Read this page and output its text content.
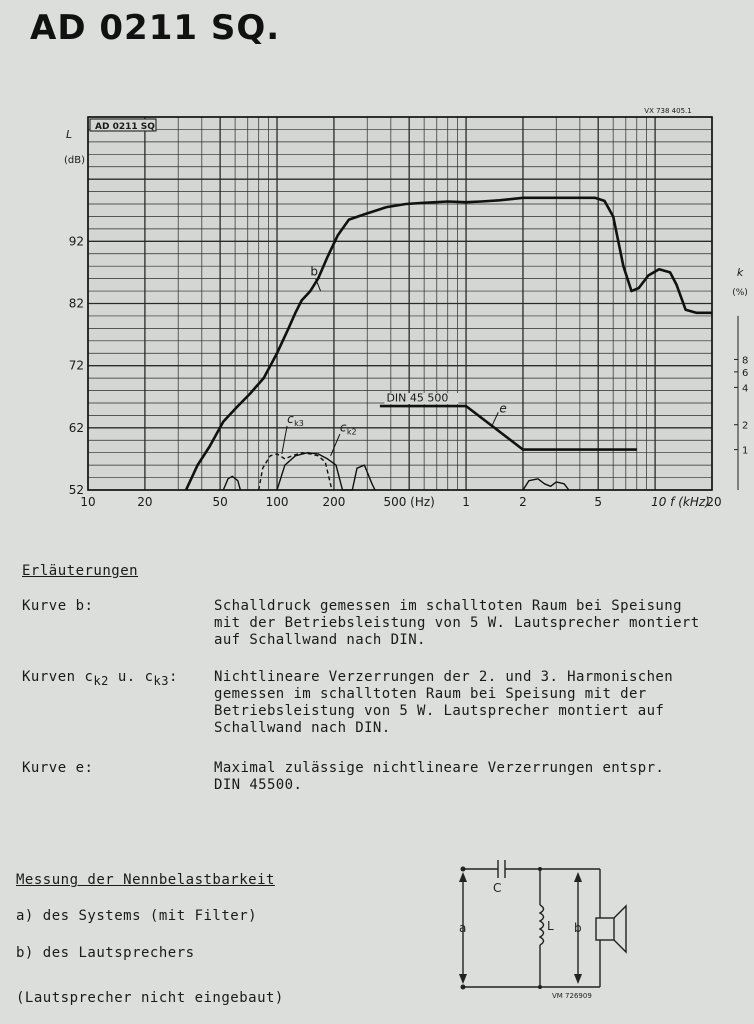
AD 0211 SQ.
AD 0211 SQ
VX 738 405.1
L
(dB)
52
62
72
82
92
10	20	50	100	200	500 (Hz) 1	2	5	10 f (kHz)
20
k
(%)
1
2
4
6
8
b
e
DIN 45 500
c k3	c k2
Erläuterungen
Kurve b:	Schalldruck gemessen im schalltoten Raum bei Speisung
mit der Betriebsleistung von 5 W. Lautsprecher montiert
auf Schallwand nach DIN.
Kurven $c_{k2}$ u. $c_{k3}$:	Nichtlineare Verzerrungen der 2. und 3. Harmonischen
gemessen im schalltoten Raum bei Speisung mit der
Betriebsleistung von 5 W. Lautsprecher montiert auf
Schallwand nach DIN.
Kurve e:	Maximal zulässige nichtlineare Verzerrungen entspr.
DIN 45500.
Messung der Nennbelastbarkeit
a) des Systems (mit Filter)
b) des Lautsprechers
(Lautsprecher nicht eingebaut)
C
L
a	b
VM 726909
